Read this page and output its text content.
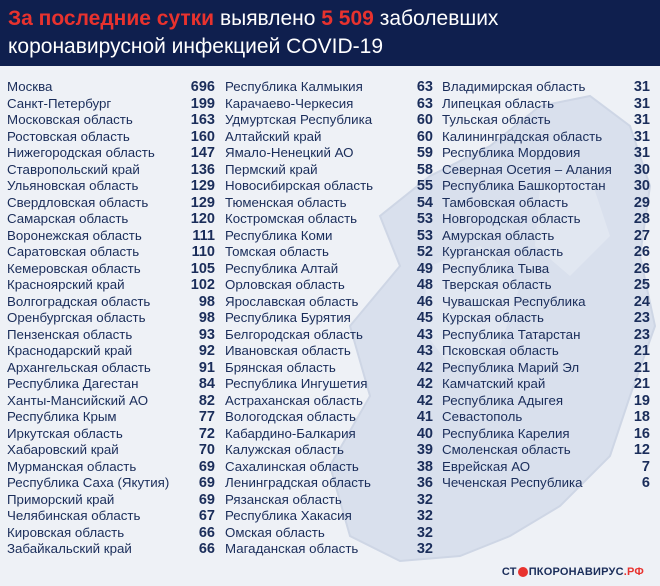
За последние сутки выявлено 5 509 заболевших
коронавирусной инфекцией COVID-19
Москва	696
Санкт-Петербург	199
Московская область	163
Ростовская область	160
Нижегородская область 147
Ставропольский край	136
Ульяновская область	129
Свердловская область	129
Самарская область	120
Воронежская область	111
Саратовская область	110
Кемеровская область	105
Красноярский край	102
Волгоградская область	98
Оренбургская область	98
Пензенская область	93
Краснодарский край	92
Архангельская область	91
Республика Дагестан	84
Ханты-Мансийский АО	82
Республика Крым	77
Иркутская область	72
Хабаровский край	70
Мурманская область	69
Республика Саха (Якутия) 69
Приморский край	69
Челябинская область	67
Кировская область	66
Забайкальский край	66
Республика Калмыкия	63
Карачаево-Черкесия	63
Удмуртская Республика	60
Алтайский край	60
Ямало-Ненецкий АО	59
Пермский край	58
Новосибирская область	55
Тюменская область	54
Костромская область	53
Республика Коми	53
Томская область	52
Республика Алтай	49
Орловская область	48
Ярославская область	46
Республика Бурятия	45
Белгородская область	43
Ивановская область	43
Брянская область	42
Республика Ингушетия	42
Астраханская область	42
Вологодская область	41
Кабардино-Балкария	40
Калужская область	39
Сахалинская область	38
Ленинградская область	36
Рязанская область	32
Республика Хакасия	32
Омская область	32
Магаданская область	32
Владимирская область	31
Липецкая область	31
Тульская область	31
Калининградская область 31
Республика Мордовия	31
Северная Осетия – Алания 30
Республика Башкортостан 30
Тамбовская область	29
Новгородская область	28
Амурская область	27
Курганская область	26
Республика Тыва	26
Тверская область	25
Чувашская Республика	24
Курская область	23
Республика Татарстан	23
Псковская область	21
Республика Марий Эл	21
Камчатский край	21
Республика Адыгея	19
Севастополь	18
Республика Карелия	16
Смоленская область	12
Еврейская АО	7
Чеченская Республика	6
СТ ПКОРОНАВИРУС .РФ
